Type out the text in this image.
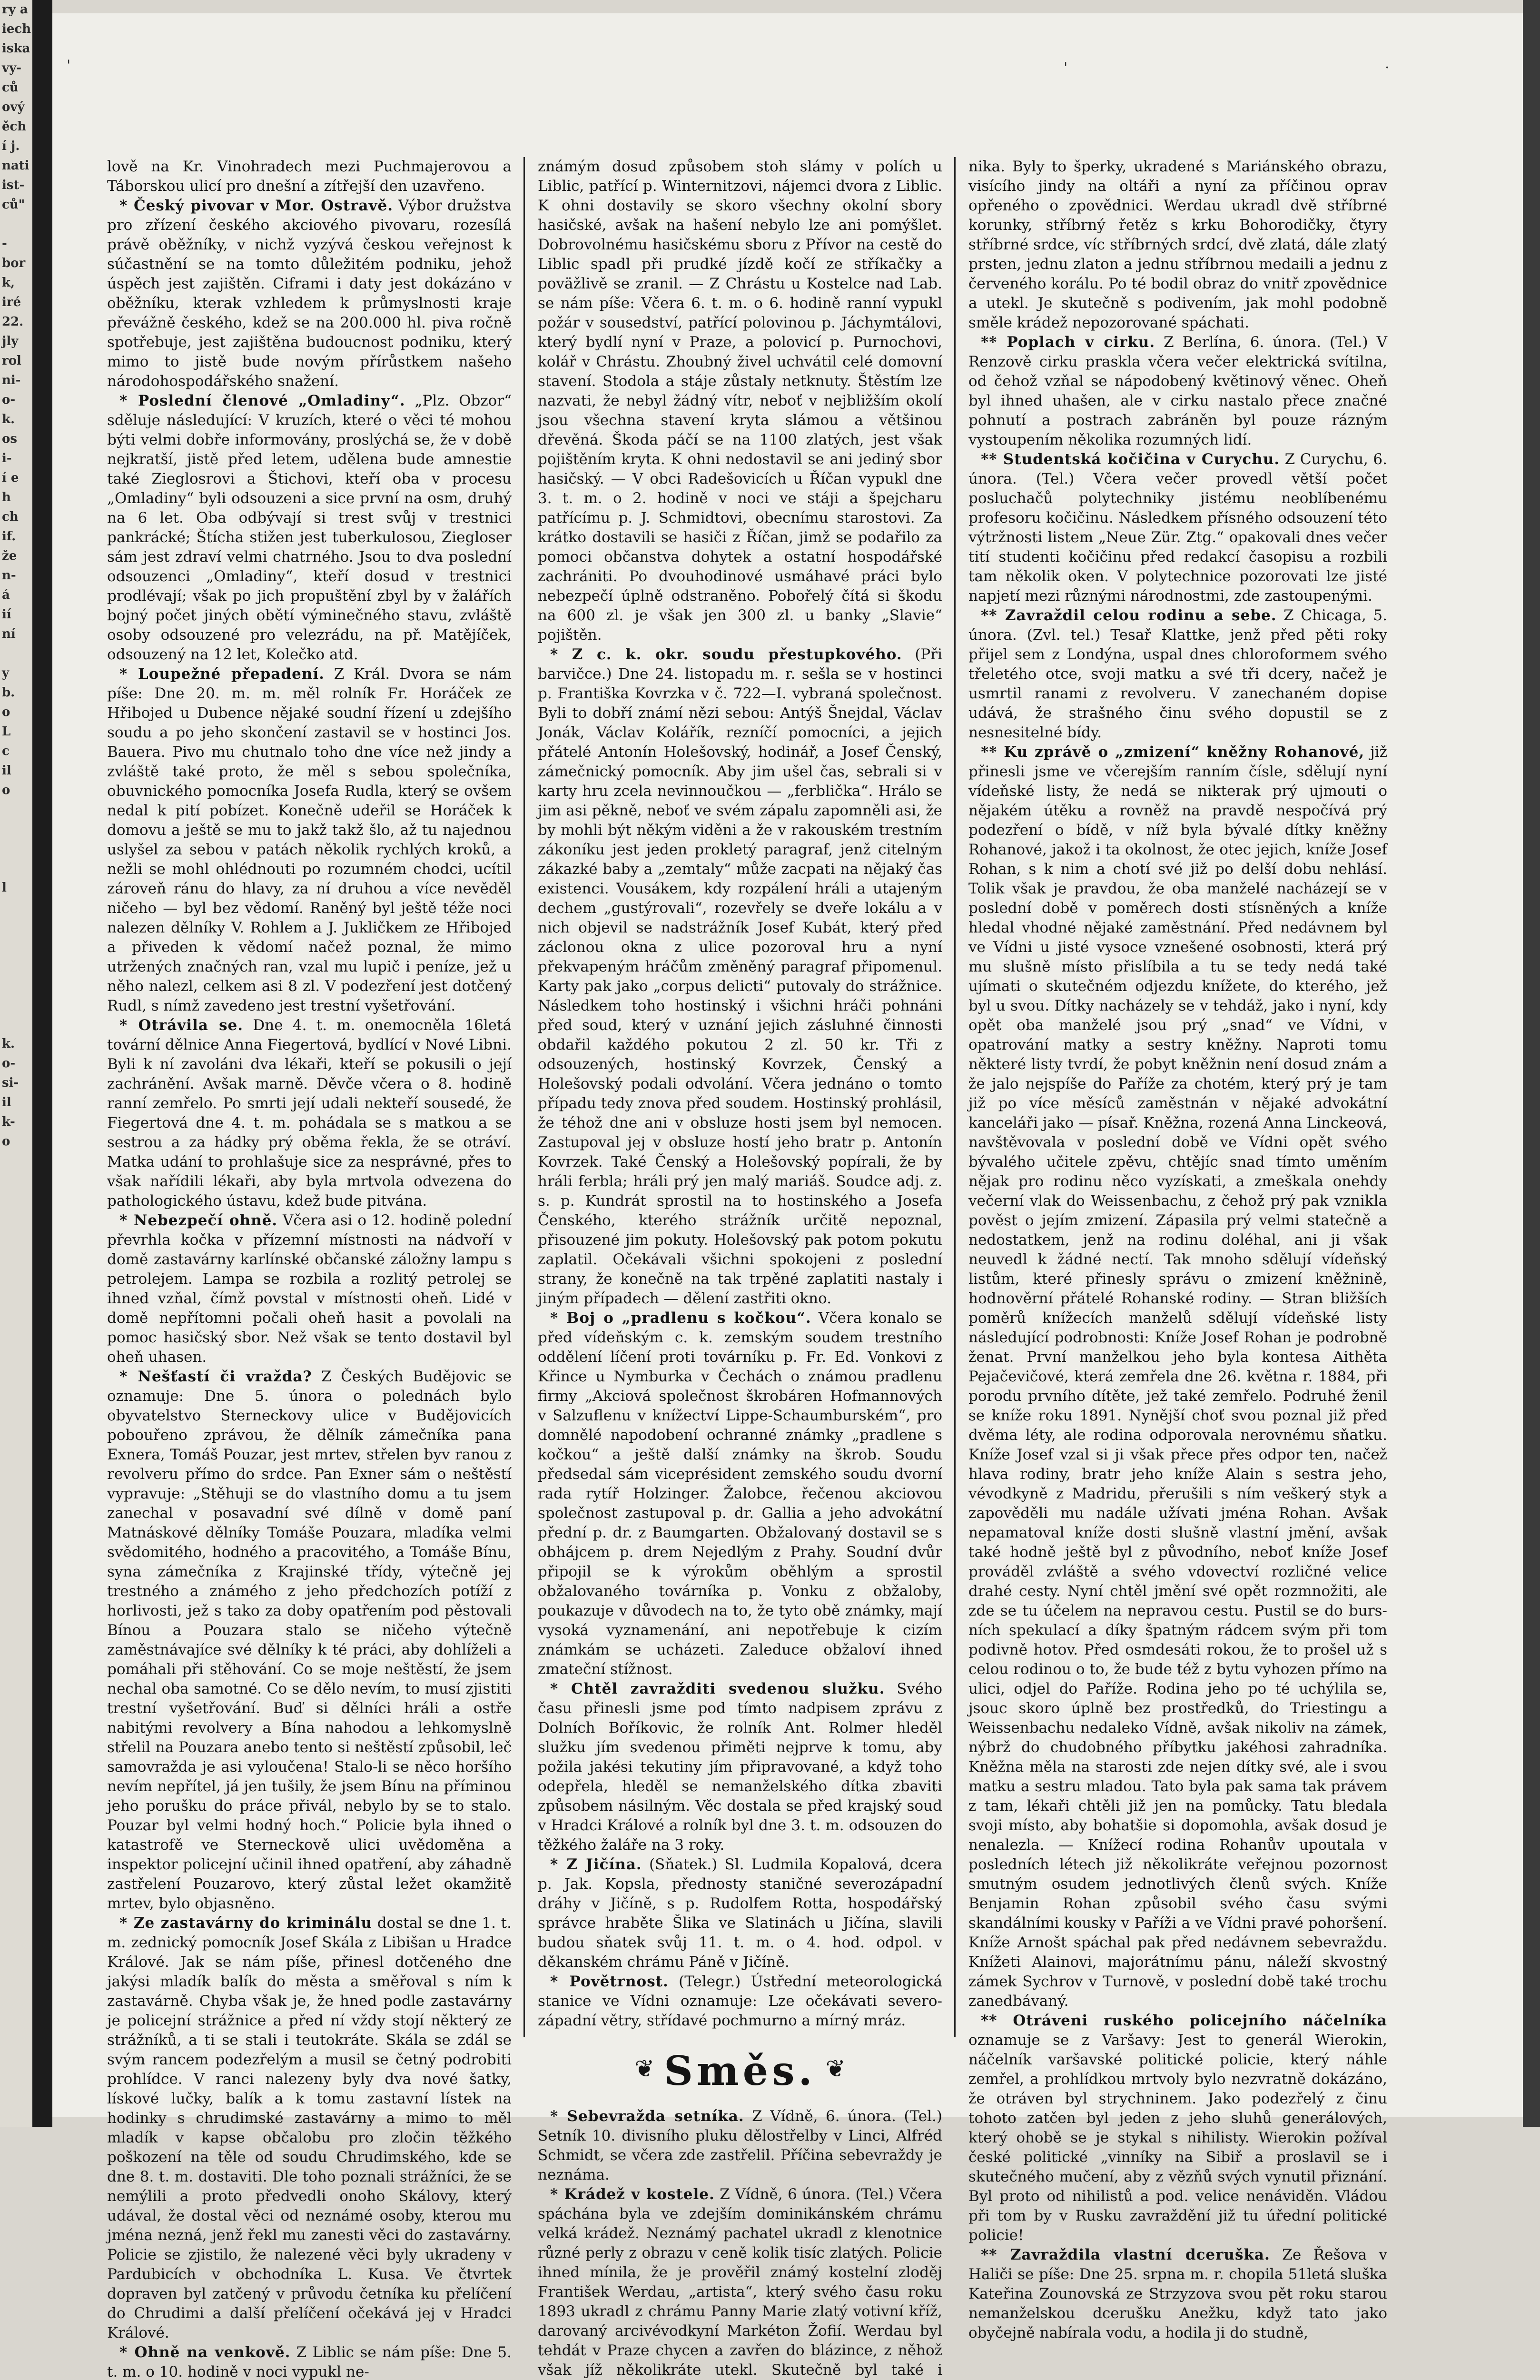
ry a
iech
iska
vy-
ců
ový
ěch
í j.
nati
ist-
ců"

-
bor
k,
iré
22.
jly
rol
ni-
o-
k.
os
i-
í e
h
ch
if.
že
n-
á
ií
ní

y
b.
o
L
c
il
o

l

k.
o-
si-
il
k-
o

'	'	·

lově na Kr. Vinohradech mezi Puchmajerovou a Táborskou ulicí pro dnešní a zítřejší den uzavřeno.

* Český pivovar v Mor. Ostravě. Výbor družstva pro zřízení českého akciového pivovaru, rozesílá právě oběžníky, v nichž vyzývá českou veřejnost k súčastnění se na tomto důležitém podniku, jehož úspěch jest zajištěn. Ciframi i daty jest dokázáno v oběžníku, kterak vzhledem k průmyslnosti kraje převážně českého, kdež se na 200.000 hl. piva ročně spotřebuje, jest zajištěna budoucnost podniku, který mimo to jistě bude novým přírůstkem našeho národohospodářského snažení.

* Poslední členové „Omladiny“. „Plz. Obzor“ sděluje následující: V kruzích, které o věci té mohou býti velmi dobře informovány, proslýchá se, že v době nejkratší, jistě před letem, udělena bude amnestie také Zieglosrovi a Štichovi, kteří oba v procesu „Omladiny“ byli odsouzeni a sice první na osm, druhý na 6 let. Oba odbývají si trest svůj v trestnici pankrácké; Štícha stižen jest tuberkulosou, Ziegloser sám jest zdraví velmi chatrného. Jsou to dva poslední odsouzenci „Omladiny“, kteří dosud v trestnici prodlévají; však po jich propuštění zbyl by v žalářích bojný počet jiných obětí výminečného stavu, zvláště osoby odsouzené pro velezrádu, na př. Matějíček, odsouzený na 12 let, Kolečko atd.

* Loupežné přepadení. Z Král. Dvora se nám píše: Dne 20. m. m. měl rolník Fr. Horáček ze Hřibojed u Dubence nějaké soudní řízení u zdejšího soudu a po jeho skončení zastavil se v hostinci Jos. Bauera. Pivo mu chutnalo toho dne více než jindy a zvláště také proto, že měl s sebou společníka, obuvnického pomocníka Josefa Rudla, který se ovšem nedal k pití pobízet. Konečně udeřil se Horáček k domovu a ještě se mu to jakž takž šlo, až tu najednou uslyšel za sebou v patách několik rychlých kroků, a nežli se mohl ohlédnouti po rozumném chodci, ucítil zároveň ránu do hlavy, za ní druhou a více nevěděl ničeho — byl bez vědomí. Raněný byl ještě téže noci nalezen dělníky V. Rohlem a J. Jukličkem ze Hřibojed a přiveden k vědomí načež poznal, že mimo utržených značných ran, vzal mu lupič i peníze, jež u něho nalezl, celkem asi 8 zl. V podezření jest dotčený Rudl, s nímž zavedeno jest trestní vyšetřování.

* Otrávila se. Dne 4. t. m. onemocněla 16letá tovární dělnice Anna Fiegertová, bydlící v Nové Libni. Byli k ní zavoláni dva lékaři, kteří se pokusili o její zachránění. Avšak marně. Děvče včera o 8. hodině ranní zemřelo. Po smrti její udali nekteří sousedé, že Fiegertová dne 4. t. m. pohádala se s matkou a se sestrou a za hádky prý oběma řekla, že se otráví. Matka udání to prohlašuje sice za nesprávné, přes to však nařídili lékaři, aby byla mrtvola odvezena do pathologického ústavu, kdež bude pitvána.

* Nebezpečí ohně. Včera asi o 12. hodině polední převrhla kočka v přízemní místnosti na nádvoří v domě zastavárny karlínské občanské záložny lampu s petrolejem. Lampa se rozbila a rozlitý petrolej se ihned vzňal, čímž povstal v místnosti oheň. Lidé v domě nepřítomni počali oheň hasit a povolali na pomoc hasičský sbor. Než však se tento dostavil byl oheň uhasen.

* Nešťastí či vražda? Z Českých Budějovic se oznamuje: Dne 5. února o polednách bylo obyvatelstvo Sterneckovy ulice v Budějovicích pobouřeno zprávou, že dělník zámečníka pana Exnera, Tomáš Pouzar, jest mrtev, střelen byv ranou z revolveru přímo do srdce. Pan Exner sám o neštěstí vypravuje: „Stěhuji se do vlastního domu a tu jsem zanechal v posavadní své dílně v domě paní Matnáskové dělníky Tomáše Pouzara, mladíka velmi svědomitého, hodného a pracovitého, a Tomáše Bínu, syna zámečníka z Krajinské třídy, výtečně jej trestného a známého z jeho předchozích potíží z horlivosti, jež s tako za doby opatřením pod pěstovali Bínou a Pouzara stalo se ničeho výtečně zaměstnávajíce své dělníky k té práci, aby dohlíželi a pomáhali při stěhování. Co se moje neštěstí, že jsem nechal oba samotné. Co se dělo nevím, to musí zjistiti trestní vyšetřování. Buď si dělníci hráli a ostře nabitými revolvery a Bína nahodou a lehkomyslně střelil na Pouzara anebo tento si neštěstí způsobil, leč samovražda je asi vyloučena! Stalo-li se něco horšího nevím nepřítel, já jen tušily, že jsem Bínu na příminou jeho porušku do práce přivál, nebylo by se to stalo. Pouzar byl velmi hodný hoch.“ Policie byla ihned o katastrofě ve Sterneckově ulici uvědoměna a inspektor policejní učinil ihned opatření, aby záhadně zastřelení Pouzarovo, který zůstal ležet okamžitě mrtev, bylo objasněno.

* Ze zastavárny do kriminálu dostal se dne 1. t. m. zednický pomocník Josef Skála z Libišan u Hradce Králové. Jak se nám píše, přinesl dotčeného dne jakýsi mladík balík do města a směřoval s ním k zastavárně. Chyba však je, že hned podle zastavárny je policejní strážnice a před ní vždy stojí některý ze strážníků, a ti se stali i teutokráte. Skála se zdál se svým rancem podezřelým a musil se četný podrobiti prohlídce. V ranci nalezeny byly dva nové šatky, lískové lučky, balík a k tomu zastavní lístek na hodinky s chrudimské zastavárny a mimo to měl mladík v kapse občalobu pro zločin těžkého poškození na těle od soudu Chrudimského, kde se dne 8. t. m. dostaviti. Dle toho poznali strážníci, že se nemýlili a proto předvedli onoho Skálovy, který udával, že dostal věci od neznámé osoby, kterou mu jména nezná, jenž řekl mu zanesti věci do zastavárny. Policie se zjistilo, že nalezené věci byly ukradeny v Pardubicích v obchodníka L. Kusa. Ve čtvrtek dopraven byl zatčený v průvodu četníka ku přelíčení do Chrudimi a další přelíčení očekává jej v Hradci Králové.

* Ohně na venkově. Z Liblic se nám píše: Dne 5. t. m. o 10. hodině v noci vypukl ne-

známým dosud způsobem stoh slámy v polích u Liblic, patřící p. Winternitzovi, nájemci dvora z Liblic. K ohni dostavily se skoro všechny okolní sbory hasičské, avšak na hašení nebylo lze ani pomýšlet. Dobrovolnému hasičskému sboru z Přívor na cestě do Liblic spadl při prudké jízdě kočí ze stříkačky a poväžlivě se zranil. — Z Chrástu u Kostelce nad Lab. se nám píše: Včera 6. t. m. o 6. hodině ranní vypukl požár v sousedství, patřící polovinou p. Jáchymtálovi, který bydlí nyní v Praze, a polovicí p. Purnochovi, kolář v Chrástu. Zhoubný živel uchvátil celé domovní stavení. Stodola a stáje zůstaly netknuty. Štěstím lze nazvati, že nebyl žádný vítr, neboť v nejbližším okolí jsou všechna stavení kryta slámou a většinou dřevěná. Škoda páčí se na 1100 zlatých, jest však pojištěním kryta. K ohni nedostavil se ani jediný sbor hasičský. — V obci Radešovicích u Říčan vypukl dne 3. t. m. o 2. hodině v noci ve stáji a špejcharu patřícímu p. J. Schmidtovi, obecnímu starostovi. Za krátko dostavili se hasiči z Říčan, jimž se podařilo za pomoci občanstva dohytek a ostatní hospodářské zachrániti. Po dvouhodinové usmáhavé práci bylo nebezpečí úplně odstraněno. Pobořelý čítá si škodu na 600 zl. je však jen 300 zl. u banky „Slavie“ pojištěn.

* Z c. k. okr. soudu přestupkového. (Při barvičce.) Dne 24. listopadu m. r. sešla se v hostinci p. Františka Kovrzka v č. 722—I. vybraná společnost. Byli to dobří známí nězi sebou: Antýš Šnejdal, Václav Jonák, Václav Kolářík, rezníčí pomocníci, a jejich přátelé Antonín Holešovský, hodinář, a Josef Čenský, zámečnický pomocník. Aby jim ušel čas, sebrali si v karty hru zcela nevinnoučkou — „ferblička“. Hrálo se jim asi pěkně, neboť ve svém zápalu zapomněli asi, že by mohli být někým viděni a že v rakouském trestním zákoníku jest jeden prokletý paragraf, jenž citelným zákazké baby a „zemtaly“ může zacpati na nějaký čas existenci. Vousákem, kdy rozpálení hráli a utajeným dechem „gustýrovali“, rozevřely se dveře lokálu a v nich objevil se nadstrážník Josef Kubát, který před záclonou okna z ulice pozoroval hru a nyní překvapeným hráčům změněný paragraf připomenul. Karty pak jako „corpus delicti“ putovaly do strážnice. Následkem toho hostinský i všichni hráči pohnáni před soud, který v uznání jejich zásluhné činnosti obdařil každého pokutou 2 zl. 50 kr. Tři z odsouzených, hostinský Kovrzek, Čenský a Holešovský podali odvolání. Včera jednáno o tomto případu tedy znova před soudem. Hostinský prohlásil, že téhož dne ani v obsluze hosti jsem byl nemocen. Zastupoval jej v obsluze hostí jeho bratr p. Antonín Kovrzek. Také Čenský a Holešovský popírali, že by hráli ferbla; hráli prý jen malý mariáš. Soudce adj. z. s. p. Kundrát sprostil na to hostinského a Josefa Čenského, kterého strážník určitě nepoznal, přisouzené jim pokuty. Holešovský pak potom pokutu zaplatil. Očekávali všichni spokojeni z poslední strany, že konečně na tak trpěné zaplatiti nastaly i jiným případech — dělení zastřiti okno.

* Boj o „pradlenu s kočkou“. Včera konalo se před vídeňským c. k. zemským soudem trestního oddělení líčení proti továrníku p. Fr. Ed. Vonkovi z Křince u Nymburka v Čechách o známou pradlenu firmy „Akciová společnost škrobáren Hofmannových v Salzuflenu v knížectví Lippe-Schaumburském“, pro domnělé napodobení ochranné známky „pradlene s kočkou“ a ještě další známky na škrob. Soudu předsedal sám viceprésident zemského soudu dvorní rada rytíř Holzinger. Žalobce, řečenou akciovou společnost zastupoval p. dr. Gallia a jeho advokátní přední p. dr. z Baumgarten. Obžalovaný dostavil se s obhájcem p. drem Nejedlým z Prahy. Soudní dvůr připojil se k výrokům oběhlým a sprostil obžalovaného továrníka p. Vonku z obžaloby, poukazuje v důvodech na to, že tyto obě známky, mají vysoká vyznamenání, ani nepotřebuje k cizím známkám se ucházeti. Zaleduce obžaloví ihned zmateční stížnost.

* Chtěl zavražditi svedenou služku. Svého času přinesli jsme pod tímto nadpisem zprávu z Dolních Boříkovic, že rolník Ant. Rolmer hleděl služku jím svedenou přiměti nejprve k tomu, aby požila jakési tekutiny jím připravované, a když toho odepřela, hleděl se nemanželského dítka zbaviti způsobem násilným. Věc dostala se před krajský soud v Hradci Králové a rolník byl dne 3. t. m. odsouzen do těžkého žaláře na 3 roky.

* Z Jičína. (Sňatek.) Sl. Ludmila Kopalová, dcera p. Jak. Kopsla, přednosty staničné severozápadní dráhy v Jičíně, s p. Rudolfem Rotta, hospodářský správce hraběte Šlika ve Slatinách u Jičína, slavili budou sňatek svůj 11. t. m. o 4. hod. odpol. v děkanském chrámu Páně v Jičíně.

* Povětrnost. (Telegr.) Ústřední meteorologická stanice ve Vídni oznamuje: Lze očekávati severo-západní větry, střídavé pochmurno a mírný mráz.

❦ Směs. ❦

* Sebevražda setníka. Z Vídně, 6. února. (Tel.) Setník 10. divisního pluku dělostřelby v Linci, Alfréd Schmidt, se včera zde zastřelil. Příčina sebevraždy je neznáma.

* Krádež v kostele. Z Vídně, 6 února. (Tel.) Včera spáchána byla ve zdejším dominikánském chrámu velká krádež. Neznámý pachatel ukradl z klenotnice různé perly z obrazu v ceně kolik tisíc zlatých. Policie ihned mínila, že je prověřil známý kostelní zloděj František Werdau, „artista“, který svého času roku 1893 ukradl z chrámu Panny Marie zlatý votivní kříž, darovaný arcivévodkyní Markéton Žofií. Werdau byl tehdát v Praze chycen a zavřen do blázince, z něhož však jíž několikráte utekl. Skutečně byl také i

nika. Byly to šperky, ukradené s Mariánského obrazu, visícího jindy na oltáři a nyní za příčinou oprav opřeného o zpovědnici. Werdau ukradl dvě stříbrné korunky, stříbrný řetěz s krku Bohorodičky, čtyry stříbrné srdce, víc stříbrných srdcí, dvě zlatá, dále zlatý prsten, jednu zlaton a jednu stříbrnou medaili a jednu z červeného korálu. Po té bodil obraz do vnitř zpovědnice a utekl. Je skutečně s podivením, jak mohl podobně směle krádež nepozorované spáchati.

** Poplach v cirku. Z Berlína, 6. února. (Tel.) V Renzově cirku praskla včera večer elektrická svítilna, od čehož vzňal se nápodobený květinový věnec. Oheň byl ihned uhašen, ale v cirku nastalo přece značné pohnutí a postrach zabráněn byl pouze rázným vystoupením několika rozumných lidí.

** Studentská kočičina v Curychu. Z Curychu, 6. února. (Tel.) Včera večer provedl větší počet posluchačů polytechniky jistému neoblíbenému profesoru kočičinu. Následkem přísného odsouzení této výtržnosti listem „Neue Zür. Ztg.“ opakovali dnes večer tití studenti kočičinu před redakcí časopisu a rozbili tam několik oken. V polytechnice pozorovati lze jisté napjetí mezi různými národnostmi, zde zastoupenými.

** Zavraždil celou rodinu a sebe. Z Chicaga, 5. února. (Zvl. tel.) Tesař Klattke, jenž před pěti roky přijel sem z Londýna, uspal dnes chloroformem svého třeletého otce, svoji matku a své tři dcery, načež je usmrtil ranami z revolveru. V zanechaném dopise udává, že strašného činu svého dopustil se z nesnesitelné bídy.

** Ku zprávě o „zmizení“ kněžny Rohanové, již přinesli jsme ve včerejším ranním čísle, sdělují nyní vídeňské listy, že nedá se nikterak prý ujmouti o nějakém útěku a rovněž na pravdě nespočívá prý podezření o bídě, v níž byla bývalé dítky kněžny Rohanové, jakož i ta okolnost, že otec jejich, kníže Josef Rohan, s k nim a chotí své již po delší dobu nehlásí. Tolik však je pravdou, že oba manželé nacházejí se v poslední době v poměrech dosti stísněných a kníže hledal vhodné nějaké zaměstnání. Před nedávnem byl ve Vídni u jisté vysoce vznešené osobnosti, která prý mu slušně místo přislíbila a tu se tedy nedá také ujímati o skutečném odjezdu knížete, do kterého, jež byl u svou. Dítky nacházely se v tehdáž, jako i nyní, kdy opět oba manželé jsou prý „snad“ ve Vídni, v opatrování matky a sestry kněžny. Naproti tomu některé listy tvrdí, že pobyt kněžnin není dosud znám a že jalo nejspíše do Paříže za chotém, který prý je tam již po více měsíců zaměstnán v nějaké advokátní kanceláři jako — písař. Kněžna, rozená Anna Linckeová, navštěvovala v poslední době ve Vídni opět svého bývalého učitele zpěvu, chtějíc snad tímto uměním nějak pro rodinu něco vyzískati, a zmeškala onehdy večerní vlak do Weissenbachu, z čehož prý pak vznikla pověst o jejím zmizení. Zápasila prý velmi statečně a nedostatkem, jenž na rodinu doléhal, ani ji však neuvedl k žádné nectí. Tak mnoho sdělují vídeňský listům, které přinesly správu o zmizení kněžnině, hodnověrní přátelé Rohanské rodiny. — Stran bližších poměrů knížecích manželů sdělují vídeňské listy následující podrobnosti: Kníže Josef Rohan je podrobně ženat. První manželkou jeho byla kontesa Aithěta Pejačevičové, která zemřela dne 26. května r. 1884, při porodu prvního dítěte, jež také zemřelo. Podruhé ženil se kníže roku 1891. Nynější choť svou poznal již před dvěma léty, ale rodina odporovala nerovnému sňatku. Kníže Josef vzal si ji však přece přes odpor ten, načež hlava rodiny, bratr jeho kníže Alain s sestra jeho, vévodkyně z Madridu, přerušili s ním veškerý styk a zapověděli mu nadále užívati jména Rohan. Avšak nepamatoval kníže dosti slušně vlastní jmění, avšak také hodně ještě byl z původního, neboť kníže Josef prováděl zvláště a svého vdovectví rozličné velice drahé cesty. Nyní chtěl jmění své opět rozmnožiti, ale zde se tu účelem na nepravou cestu. Pustil se do bursních spekulací a díky špatným rádcem svým při tom podivně hotov. Před osmdesáti rokou, že to prošel už s celou rodinou o to, že bude též z bytu vyhozen přímo na ulici, odjel do Paříže. Rodina jeho po té uchýlila se, jsouc skoro úplně bez prostředků, do Triestingu a Weissenbachu nedaleko Vídně, avšak nikoliv na zámek, nýbrž do chudobného příbytku jakéhosi zahradníka. Kněžna měla na starosti zde nejen dítky své, ale i svou matku a sestru mladou. Tato byla pak sama tak právem z tam, lékaři chtěli již jen na pomůcky. Tatu bledala svoji místo, aby bohatšie si dopomohla, avšak dosud je nenalezla. — Knížecí rodina Rohanův upoutala v posledních létech již několikráte veřejnou pozornost smutným osudem jednotlivých členů svých. Kníže Benjamin Rohan způsobil svého času svými skandálními kousky v Paříži a ve Vídni pravé pohoršení. Kníže Arnošt spáchal pak před nedávnem sebevraždu. Knížeti Alainovi, majorátnímu pánu, náleží skvostný zámek Sychrov v Turnově, v poslední době také trochu zanedbávaný.

** Otráveni ruského policejního náčelníka oznamuje se z Varšavy: Jest to generál Wierokin, náčelník varšavské politické policie, který náhle zemřel, a prohlídkou mrtvoly bylo nezvratně dokázáno, že otráven byl strychninem. Jako podezřelý z činu tohoto zatčen byl jeden z jeho sluhů generálových, který ohobě se je stykal s nihilisty. Wierokin požíval české politické „vinníky na Sibiř a proslavil se i skutečného mučení, aby z vězňů svých vynutil přiznání. Byl proto od nihilistů a pod. velice nenáviděn. Vládou při tom by v Rusku zavraždění již tu úřední politické policie!

** Zavraždila vlastní dceruška. Ze Řešova v Haliči se píše: Dne 25. srpna m. r. chopila 51letá sluška Kateřina Zounovská ze Strzyzova svou pět roku starou nemanželskou dcerušku Anežku, když tato jako obyčejně nabírala vodu, a hodila ji do studně,
